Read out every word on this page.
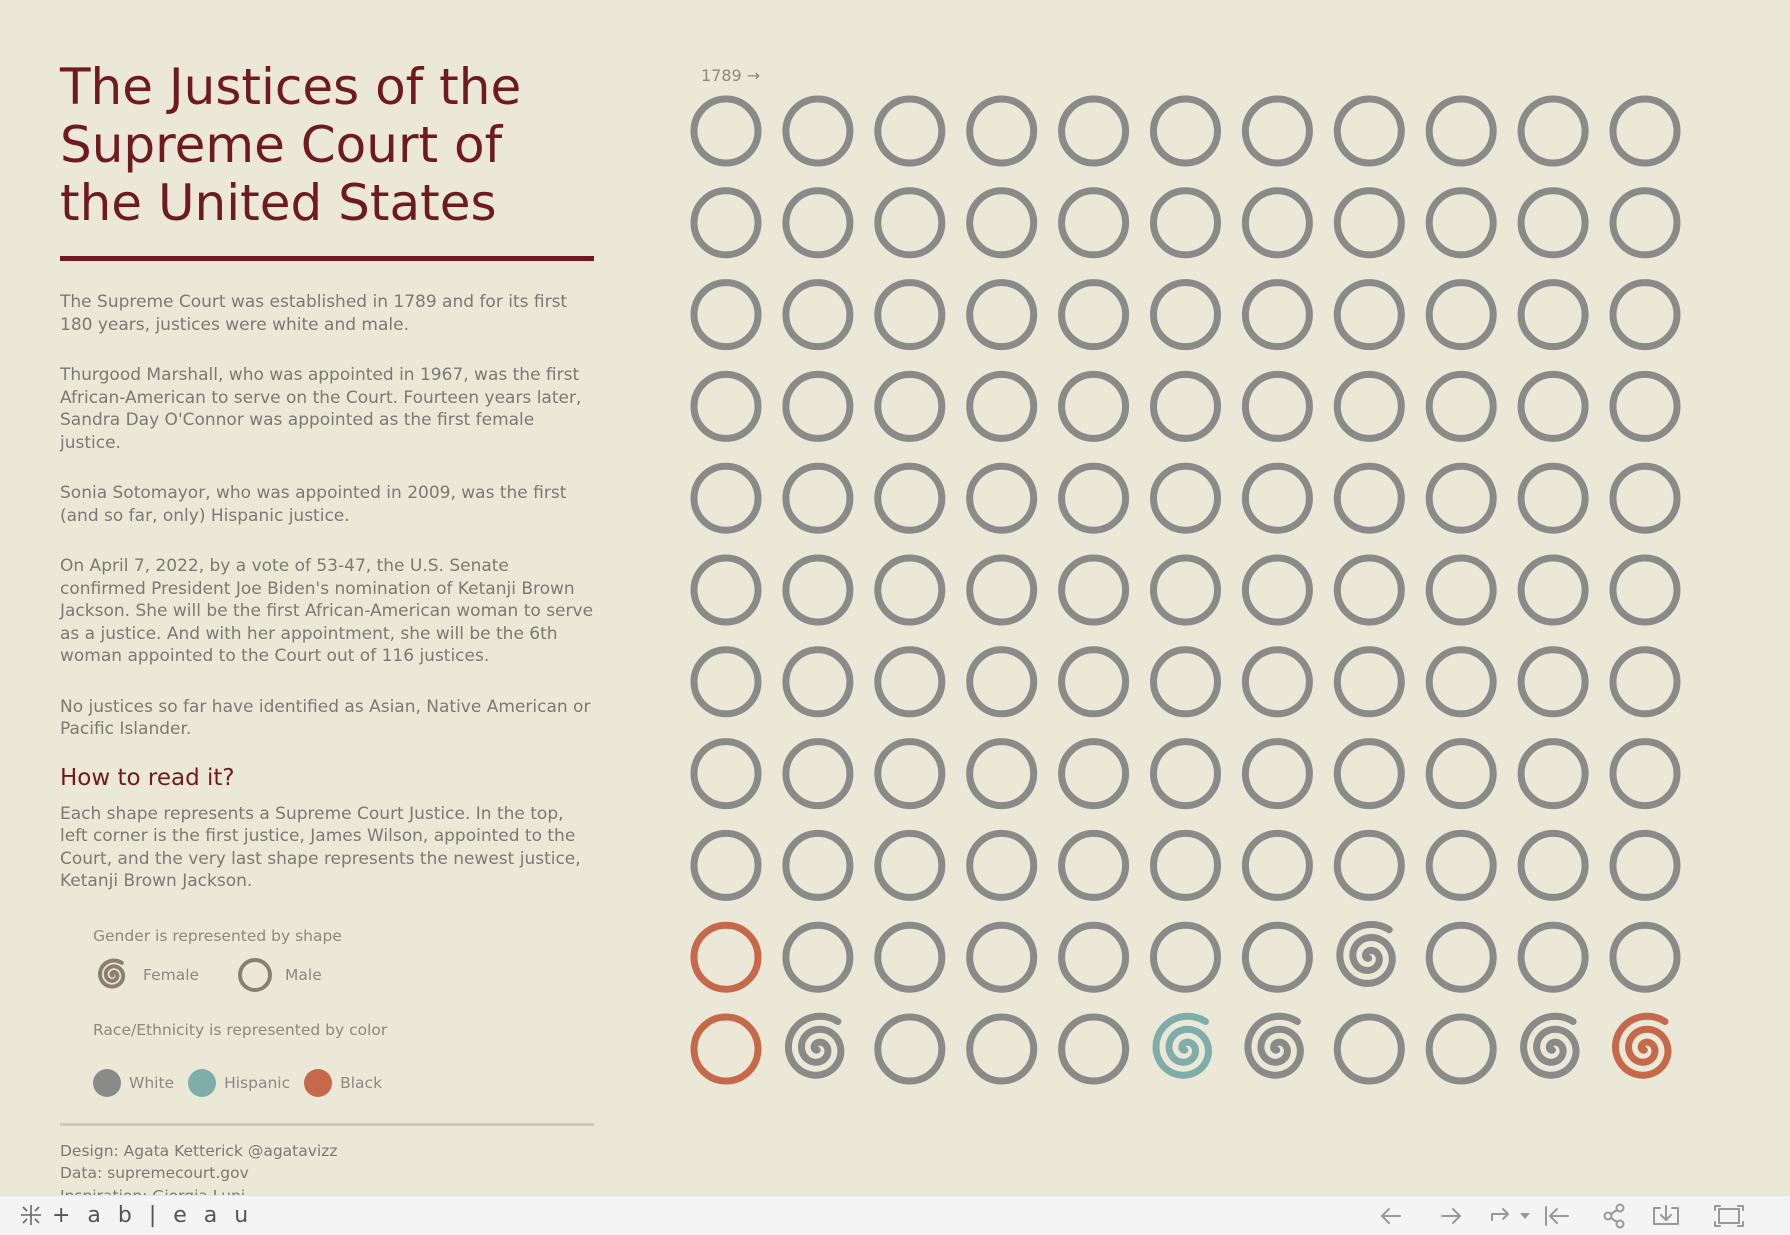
The Justices of the Supreme Court of the United States

The Supreme Court was established in 1789 and for its first 180 years, justices were white and male.

Thurgood Marshall, who was appointed in 1967, was the first African-American to serve on the Court. Fourteen years later, Sandra Day O'Connor was appointed as the first female justice.

Sonia Sotomayor, who was appointed in 2009, was the first (and so far, only) Hispanic justice.

On April 7, 2022, by a vote of 53-47, the U.S. Senate confirmed President Joe Biden's nomination of Ketanji Brown Jackson. She will be the first African-American woman to serve as a justice. And with her appointment, she will be the 6th woman appointed to the Court out of 116 justices.

No justices so far have identified as Asian, Native American or Pacific Islander.

How to read it?

Each shape represents a Supreme Court Justice. In the top, left corner is the first justice, James Wilson, appointed to the Court, and the very last shape represents the newest justice, Ketanji Brown Jackson.

Gender is represented by shape
Female	Male
Race/Ethnicity is represented by color
White	Hispanic	Black
Design: Agata Ketterick @agatavizz
Data: supremecourt.gov
1789 →
+ a b | e a u
